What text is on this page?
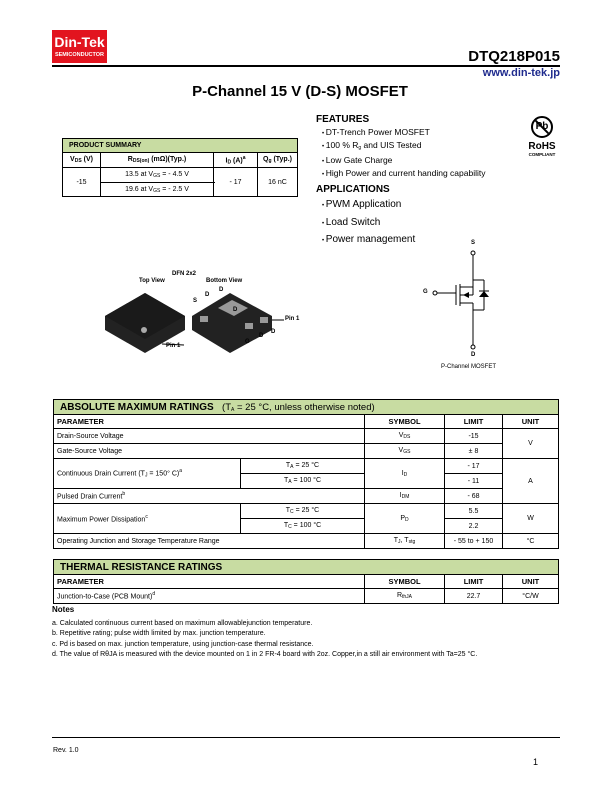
Din-Tek
SEMICONDUCTOR	DTQ218P015
www.din-tek.jp
P-Channel 15 V (D-S) MOSFET
PRODUCT SUMMARY			
$V_{DS}$ (V)	$R_{DS(on)}$ (mΩ)(Typ.)	$I_D$ $(A)^a$	$Q_g$ (Typ.)
-15	13.5 at $V_{GS}$ = - 4.5 V	- 17	16 nC
	19.6 at $V_{GS}$ = - 2.5 V		
FEATURES
• DT-Trench Power MOSFET
• 100 % $R_g$ and UIS Tested
• Low Gate Charge
• High Power and current handing capability
APPLICATIONS
• PWM Application
• Load Switch
• Power management
Pb
RoHS
COMPLIANT
DFN 2x2
Top View	Bottom View
Pin 1
Pin 1
S
D
D
D
D
D
G
S
G
D
P-Channel MOSFET
ABSOLUTE MAXIMUM RATINGS ($T_A = 25$ °C, unless otherwise noted)				
PARAMETER		SYMBOL	LIMIT	UNIT
Drain-Source Voltage		$V_{DS}$	-15	V
Gate-Source Voltage		$V_{GS}$	± 8	
Continuous Drain Current ($T_J = 150^\circ$ C)$^a$	$T_A = 25$ °C	$I_D$	- 17	A
	$T_A = 100$ °C		- 11	
Pulsed Drain Current$^b$		$I_{DM}$	- 68	
Maximum Power Dissipation$^c$	$T_C = 25$ °C	$P_D$	5.5	W
	$T_C = 100$ °C		2.2	
Operating Junction and Storage Temperature Range		$T_J$, $T_{stg}$	- 55 to + 150	°C
THERMAL RESISTANCE RATINGS			
PARAMETER	SYMBOL	LIMIT	UNIT
Junction-to-Case (PCB Mount)$^d$	$R_{thJA}$	22.7	°C/W
Notes
a. Calculated continuous current based on maximum allowablejunction temperature.
b. Repetitive rating; pulse width limited by max. junction temperature.
c. Pd is based on max. junction temperature, using junction-case thermal resistance.
d. The value of RθJA is measured with the device mounted on 1 in 2 FR-4 board with 2oz. Copper,in a still air environment with Ta=25 °C.
Rev. 1.0
1
